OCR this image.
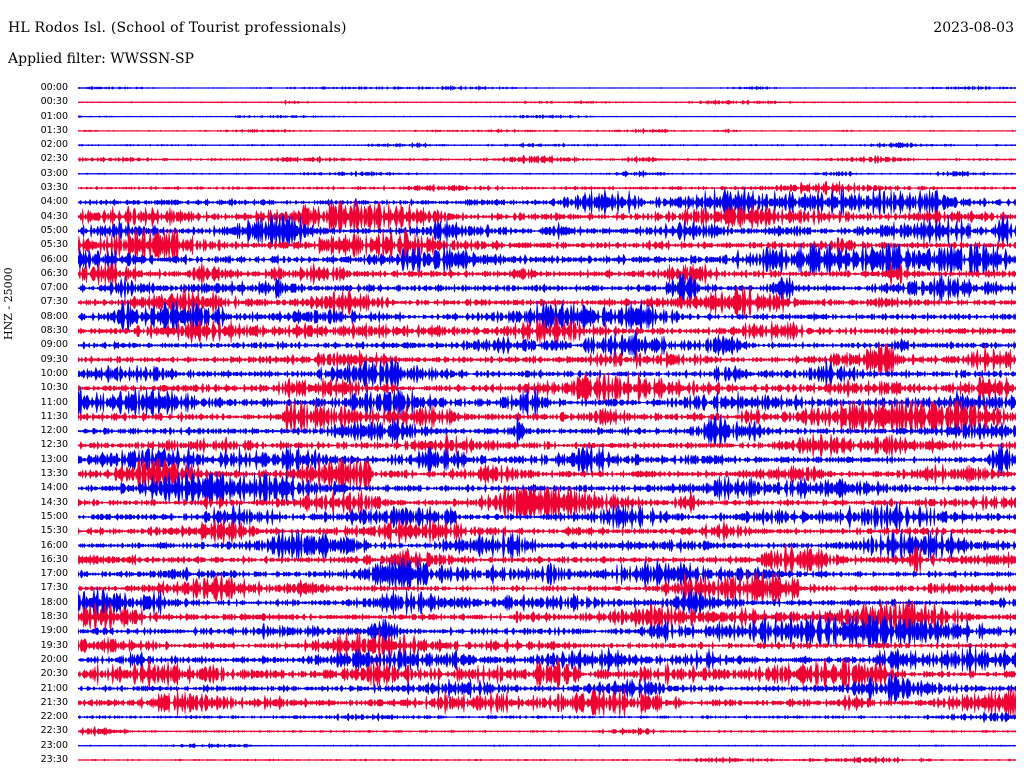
HL Rodos Isl. (School of Tourist professionals)	2023-08-03
Applied filter: WWSSN-SP
HNZ - 25000
00:00
00:30
01:00
01:30
02:00
02:30
03:00
03:30
04:00
04:30
05:00
05:30
06:00
06:30
07:00
07:30
08:00
08:30
09:00
09:30
10:00
10:30
11:00
11:30
12:00
12:30
13:00
13:30
14:00
14:30
15:00
15:30
16:00
16:30
17:00
17:30
18:00
18:30
19:00
19:30
20:00
20:30
21:00
21:30
22:00
22:30
23:00
23:30
